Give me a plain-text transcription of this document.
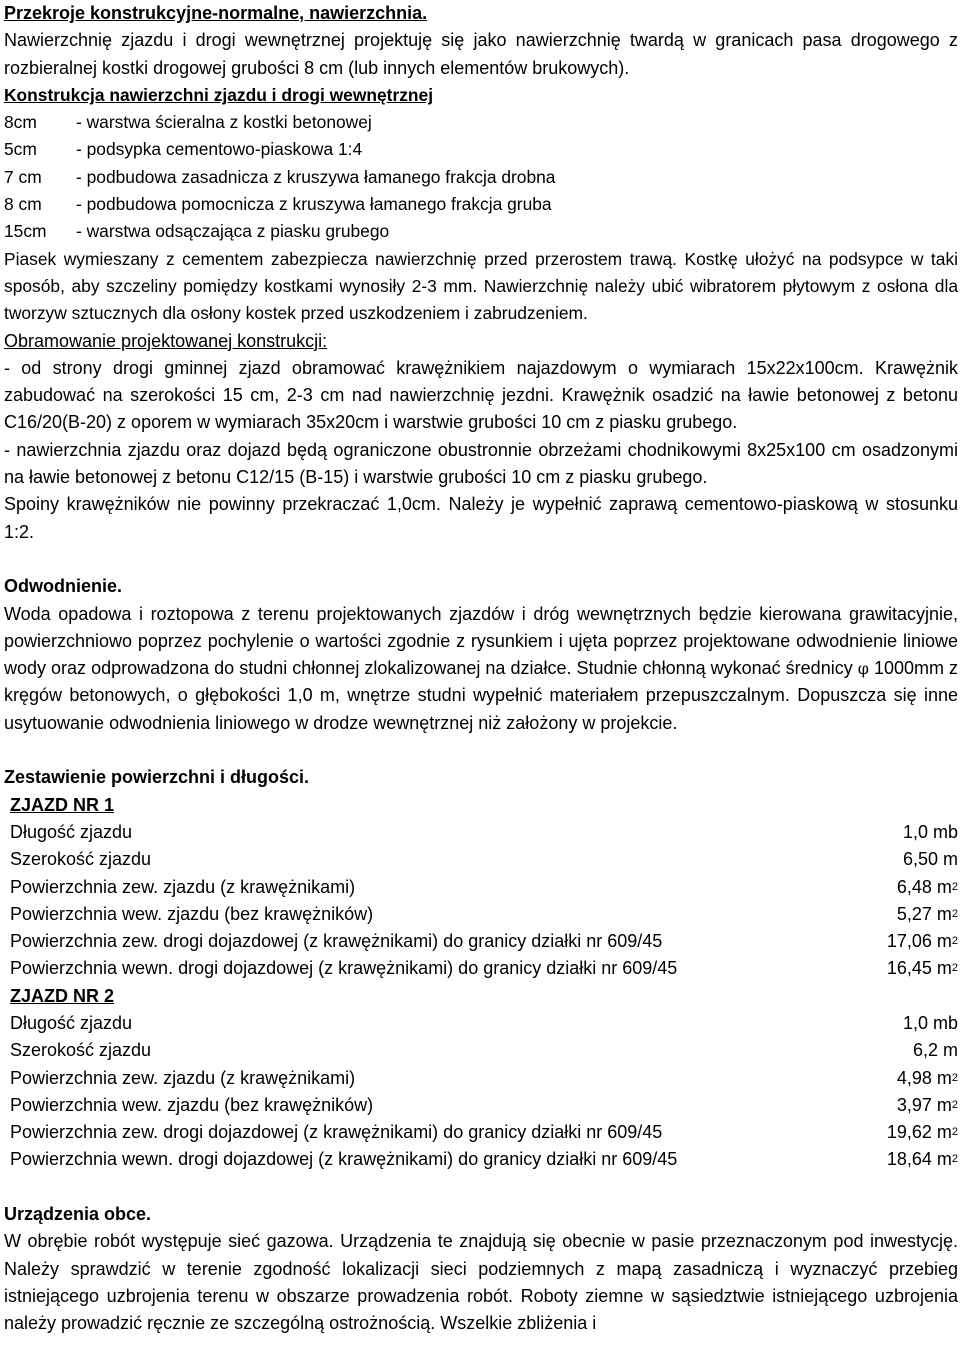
Przekroje konstrukcyjne-normalne, nawierzchnia.

Nawierzchnię zjazdu i drogi wewnętrznej projektuję się jako nawierzchnię twardą w granicach pasa drogowego z rozbieralnej kostki drogowej grubości 8 cm (lub innych elementów brukowych).

Konstrukcja nawierzchni zjazdu i drogi wewnętrznej

8cm	- warstwa ścieralna z kostki betonowej
5cm	- podsypka cementowo-piaskowa 1:4
7 cm	- podbudowa zasadnicza z kruszywa łamanego frakcja drobna
8 cm	- podbudowa pomocnicza z kruszywa łamanego frakcja gruba
15cm	- warstwa odsączająca z piasku grubego

Piasek wymieszany z cementem zabezpiecza nawierzchnię przed przerostem trawą. Kostkę ułożyć na podsypce w taki sposób, aby szczeliny pomiędzy kostkami wynosiły 2-3 mm. Nawierzchnię należy ubić wibratorem płytowym z osłona dla tworzyw sztucznych dla osłony kostek przed uszkodzeniem i zabrudzeniem.

Obramowanie projektowanej konstrukcji:

- od strony drogi gminnej zjazd obramować krawężnikiem najazdowym o wymiarach 15x22x100cm. Krawężnik zabudować na szerokości 15 cm, 2-3 cm nad nawierzchnię jezdni. Krawężnik osadzić na ławie betonowej z betonu C16/20(B-20) z oporem w wymiarach 35x20cm i warstwie grubości 10 cm z piasku grubego.

- nawierzchnia zjazdu oraz dojazd będą ograniczone obustronnie obrzeżami chodnikowymi 8x25x100 cm osadzonymi na ławie betonowej z betonu C12/15 (B-15) i warstwie grubości 10 cm z piasku grubego.

Spoiny krawężników nie powinny przekraczać 1,0cm. Należy je wypełnić zaprawą cementowo-piaskową w stosunku 1:2.

Odwodnienie.

Woda opadowa i roztopowa z terenu projektowanych zjazdów i dróg wewnętrznych będzie kierowana grawitacyjnie, powierzchniowo poprzez pochylenie o wartości zgodnie z rysunkiem i ujęta poprzez projektowane odwodnienie liniowe wody oraz odprowadzona do studni chłonnej zlokalizowanej na działce. Studnie chłonną wykonać średnicy φ 1000mm z kręgów betonowych, o głębokości 1,0 m, wnętrze studni wypełnić materiałem przepuszczalnym. Dopuszcza się inne usytuowanie odwodnienia liniowego w drodze wewnętrznej niż założony w projekcie.

Zestawienie powierzchni i długości.

ZJAZD NR 1

Długość zjazdu	1,0 mb
Szerokość zjazdu	6,50 m
Powierzchnia zew. zjazdu (z krawężnikami)	6,48 $m^2$
Powierzchnia wew. zjazdu (bez krawężników)	5,27 $m^2$
Powierzchnia zew. drogi dojazdowej (z krawężnikami) do granicy działki nr 609/45	17,06 $m^2$
Powierzchnia wewn. drogi dojazdowej (z krawężnikami) do granicy działki nr 609/45	16,45 $m^2$

ZJAZD NR 2

Długość zjazdu	1,0 mb
Szerokość zjazdu	6,2 m
Powierzchnia zew. zjazdu (z krawężnikami)	4,98 $m^2$
Powierzchnia wew. zjazdu (bez krawężników)	3,97 $m^2$
Powierzchnia zew. drogi dojazdowej (z krawężnikami) do granicy działki nr 609/45	19,62 $m^2$
Powierzchnia wewn. drogi dojazdowej (z krawężnikami) do granicy działki nr 609/45	18,64 $m^2$

Urządzenia obce.

W obrębie robót występuje sieć gazowa. Urządzenia te znajdują się obecnie w pasie przeznaczonym pod inwestycję. Należy sprawdzić w terenie zgodność lokalizacji sieci podziemnych z mapą zasadniczą i wyznaczyć przebieg istniejącego uzbrojenia terenu w obszarze prowadzenia robót. Roboty ziemne w sąsiedztwie istniejącego uzbrojenia należy prowadzić ręcznie ze szczególną ostrożnością. Wszelkie zbliżenia i
